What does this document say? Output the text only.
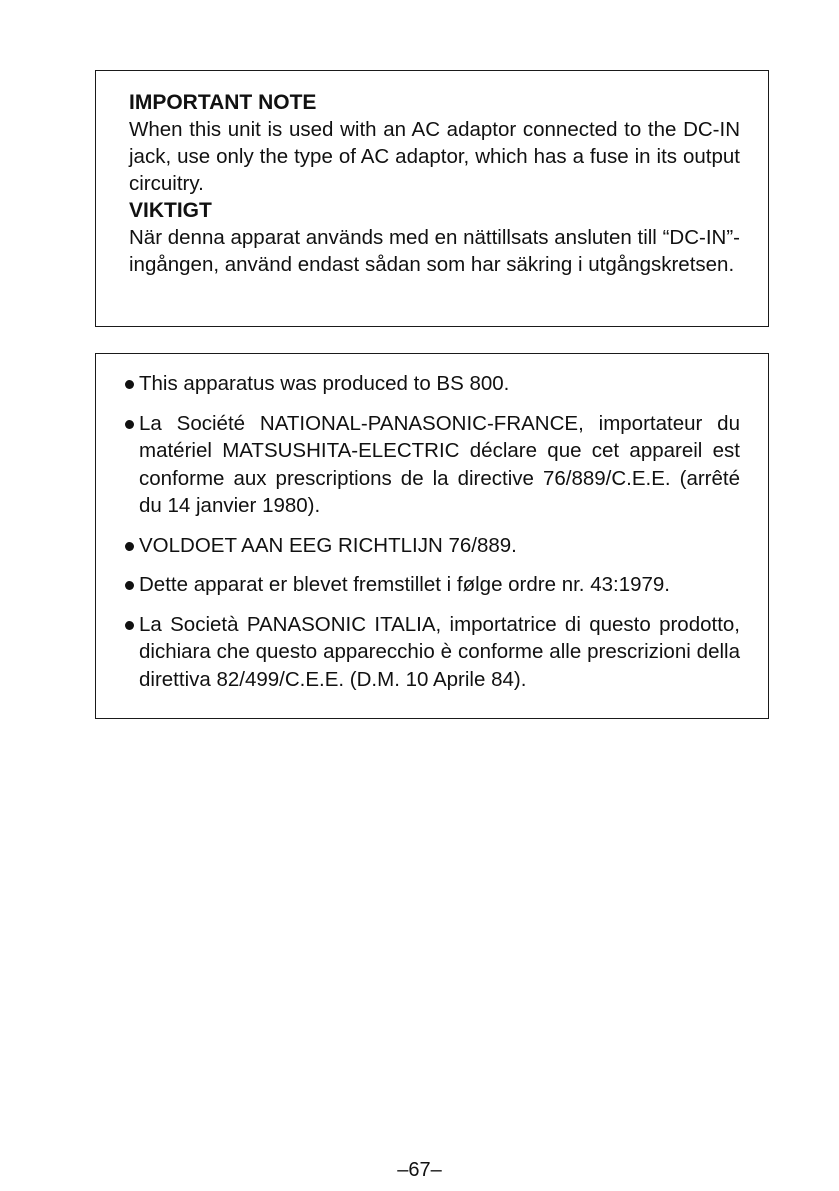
IMPORTANT NOTE

When this unit is used with an AC adaptor connected to the DC-IN jack, use only the type of AC adaptor, which has a fuse in its output circuitry.

VIKTIGT

När denna apparat används med en nättillsats ansluten till “DC-IN”-ingången, använd endast sådan som har säkring i utgångskretsen.

This apparatus was produced to BS 800.
La Société NATIONAL-PANASONIC-FRANCE, importateur du matériel MATSUSHITA-ELECTRIC déclare que cet appareil est conforme aux prescriptions de la directive 76/889/C.E.E. (arrêté du 14 janvier 1980).
VOLDOET AAN EEG RICHTLIJN 76/889.
Dette apparat er blevet fremstillet i følge ordre nr. 43:1979.
La Società PANASONIC ITALIA, importatrice di questo prodotto, dichiara che questo apparecchio è conforme alle prescrizioni della direttiva 82/499/C.E.E. (D.M. 10 Aprile 84).
–67–
